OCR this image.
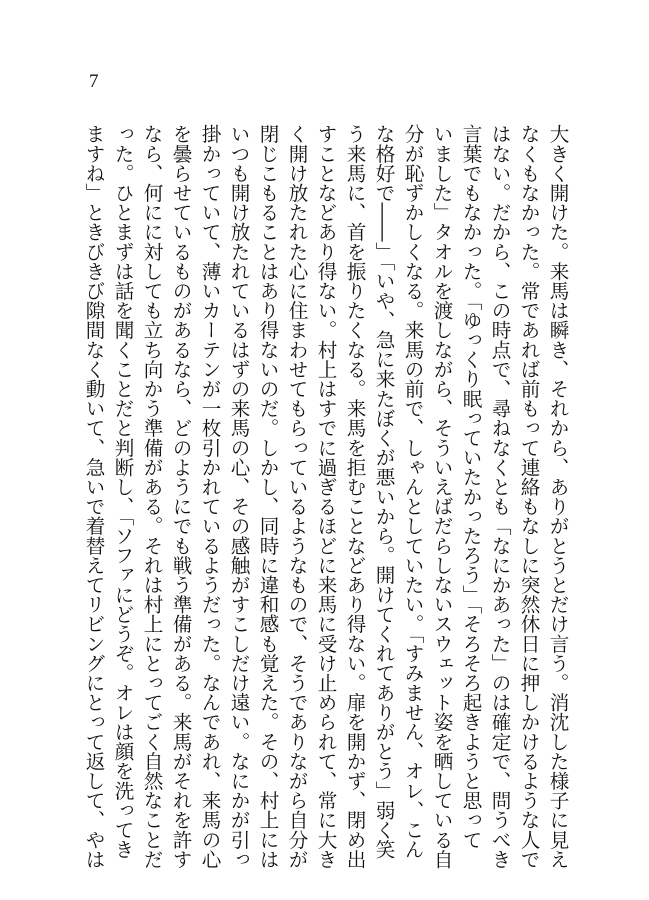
7

大きく開けた。来馬は瞬き、それから、ありがとうとだけ言う。消沈した様子に見え

なくもなかった。常であれば前もって連絡もなしに突然休日に押しかけるような人で

はない。だから、この時点で、尋ねなくとも「なにかあった」のは確定で、問うべき

言葉でもなかった。「ゆっくり眠っていたかったろう」「そろそろ起きようと思って

いました」タオルを渡しながら、そういえばだらしないスウェット姿を晒している自

分が恥ずかしくなる。来馬の前で、しゃんとしていたい。「すみません、オレ、こん

な格好で――」「いや、急に来たぼくが悪いから。開けてくれてありがとう」弱く笑

う来馬に、首を振りたくなる。来馬を拒むことなどあり得ない。扉を開かず、閉め出

すことなどあり得ない。村上はすでに過ぎるほどに来馬に受け止められて、常に大き

く開け放たれた心に住まわせてもらっているようなもので、そうでありながら自分が

閉じこもることはあり得ないのだ。しかし、同時に違和感も覚えた。その、村上には

いつも開け放たれているはずの来馬の心、その感触がすこしだけ遠い。なにかが引っ

掛かっていて、薄いカーテンが一枚引かれているようだった。なんであれ、来馬の心

を曇らせているものがあるなら、どのようにでも戦う準備がある。来馬がそれを許す

なら、何にに対しても立ち向かう準備がある。それは村上にとってごく自然なことだ

った。ひとまずは話を聞くことだと判断し、「ソファにどうぞ。オレは顔を洗ってき

ますね」ときびきび隙間なく動いて、急いで着替えてリビングにとって返して、やは
